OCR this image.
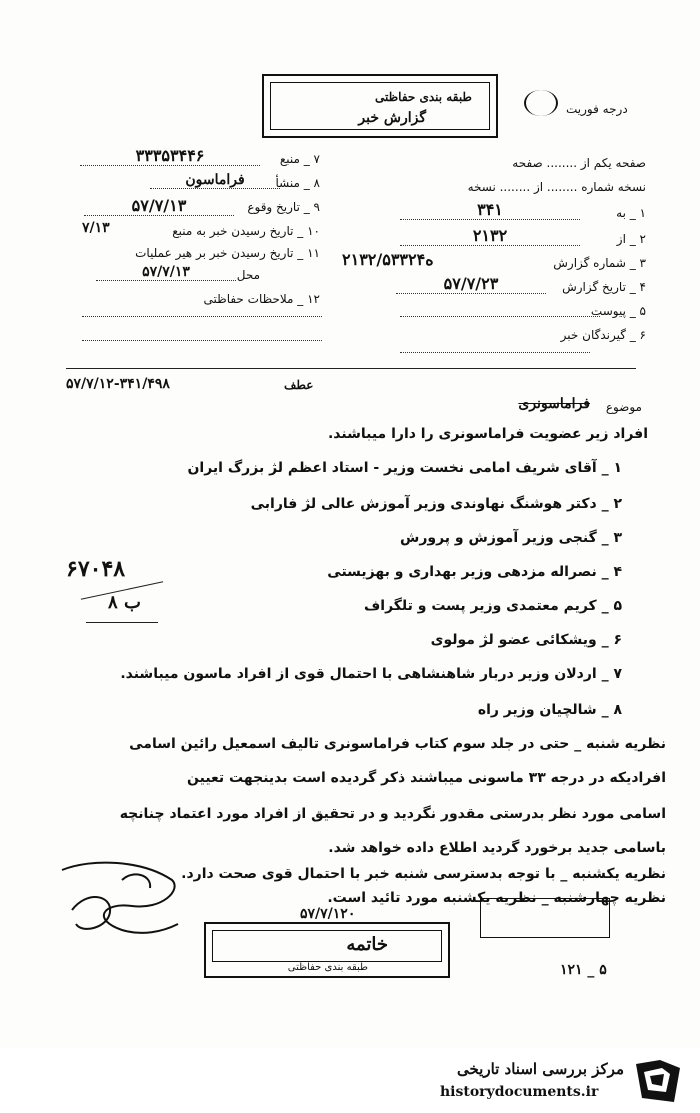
طبقه بندی حفاظتی
گزارش خبر
درجه فوریت
۷ _ منبع
۳۳۳۵۳۴۴۶
۸ _ منشأ
فراماسون
۹ _ تاریخ وقوع
۵۷/۷/۱۳
۱۰ _ تاریخ رسیدن خبر به منبع
۷/۱۳
۱۱ _ تاریخ رسیدن خبر بر هیر عملیات
محل
۵۷/۷/۱۳
۱۲ _ ملاحظات حفاظتی
صفحه یکم از ........ صفحه
نسخه شماره ........ از ........ نسخه
۱ _ به
۳۴۱
۲ _ از
۲۱۳۲
۳ _ شماره گزارش
۲۱ه۳۲/۵۳۳۲۴
۴ _ تاریخ گزارش
۵۷/۷/۲۳
۵ _ پیوست
۶ _ گیرندگان خبر
۵۷/۷/۱۲-۳۴۱/۴۹۸	عطف
موضوع
فراماسونری
افراد زیر عضویت فراماسونری را دارا میباشند.
۱ _ آقای شریف امامی نخست وزیر - استاد اعظم لژ بزرگ ایران
۲ _ دکتر هوشنگ نهاوندی وزیر آموزش عالی لژ فارابی
۳ _ گنجی وزیر آموزش و پرورش
۴ _ نصراله مزدهی وزیر بهداری و بهزیستی
۵ _ کریم معتمدی وزیر پست و تلگراف
۶ _ ویشکائی عضو لژ مولوی
۷ _ اردلان وزیر دربار شاهنشاهی با احتمال قوی از افراد ماسون میباشند.
۸ _ شالچیان وزیر راه
۶۷۰۴۸
ب ۸
نظریه شنبه _ حتی در جلد سوم کتاب فراماسونری تالیف اسمعیل رائین اسامی
افرادیکه در درجه ۳۳ ماسونی میباشند ذکر گردیده است بدینجهت تعیین
اسامی مورد نظر بدرستی مقدور نگردید و در تحقیق از افراد مورد اعتماد چنانچه
باسامی جدید برخورد گردید اطلاع داده خواهد شد.
نظریه یکشنبه _ با توجه بدسترسی شنبه خبر با احتمال قوی صحت دارد.
نظریه چهارشنبه _ نظریه یکشنبه مورد تائید است.
خاتمه
طبقه بندی حفاظتی
۵۷/۷/۱۲۰
۱۲۱ _ ۵
مرکز بررسی اسناد تاریخی
historydocuments.ir
